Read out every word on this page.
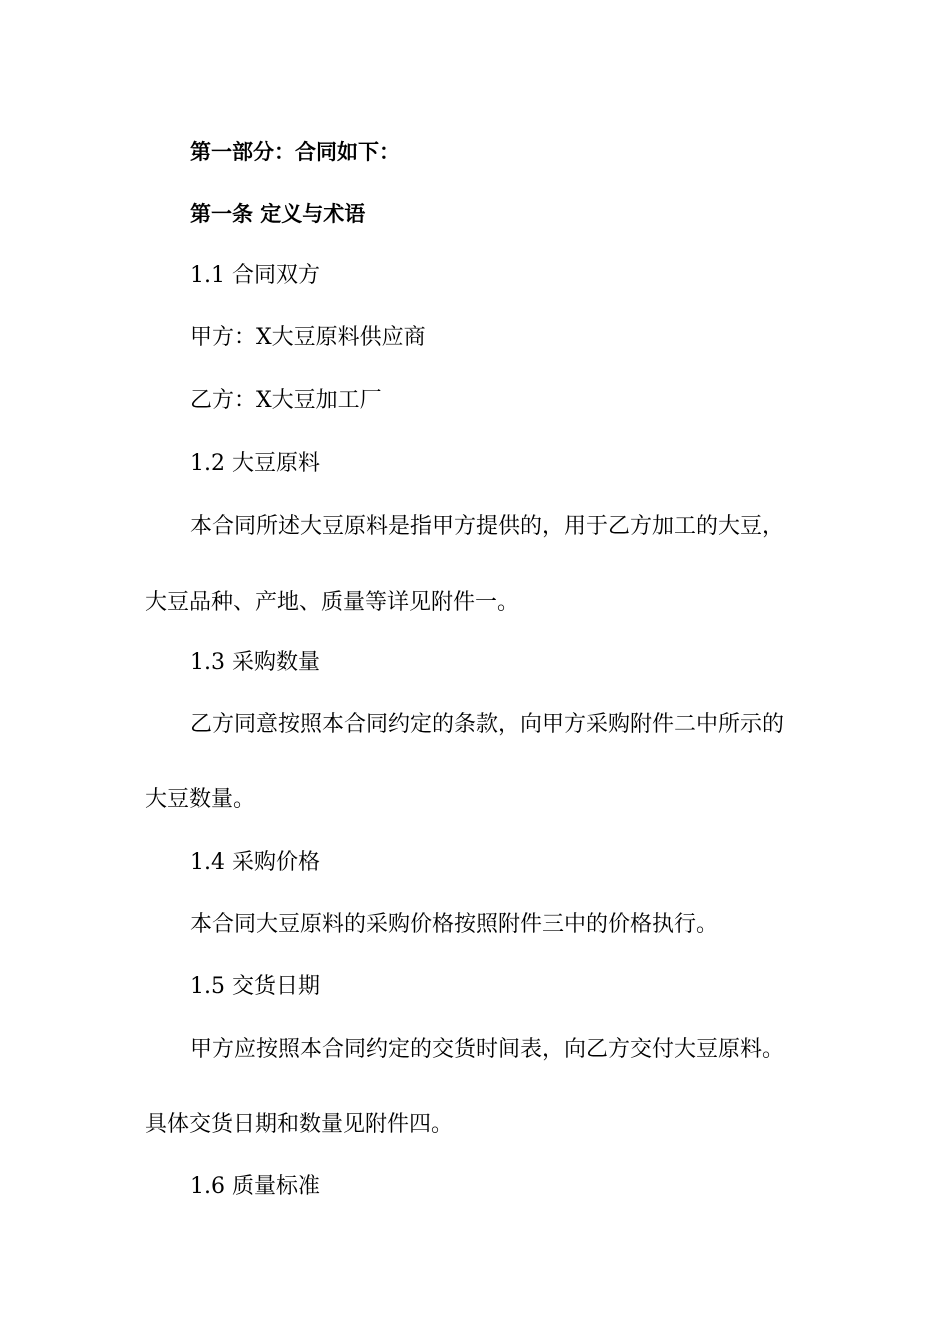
第一部分：合同如下：
第一条 定义与术语
1.1 合同双方
甲方：X大豆原料供应商
乙方：X大豆加工厂
1.2 大豆原料
本合同所述大豆原料是指甲方提供的，用于乙方加工的大豆，
大豆品种、产地、质量等详见附件一。
1.3 采购数量
乙方同意按照本合同约定的条款，向甲方采购附件二中所示的
大豆数量。
1.4 采购价格
本合同大豆原料的采购价格按照附件三中的价格执行。
1.5 交货日期
甲方应按照本合同约定的交货时间表，向乙方交付大豆原料。
具体交货日期和数量见附件四。
1.6 质量标准
